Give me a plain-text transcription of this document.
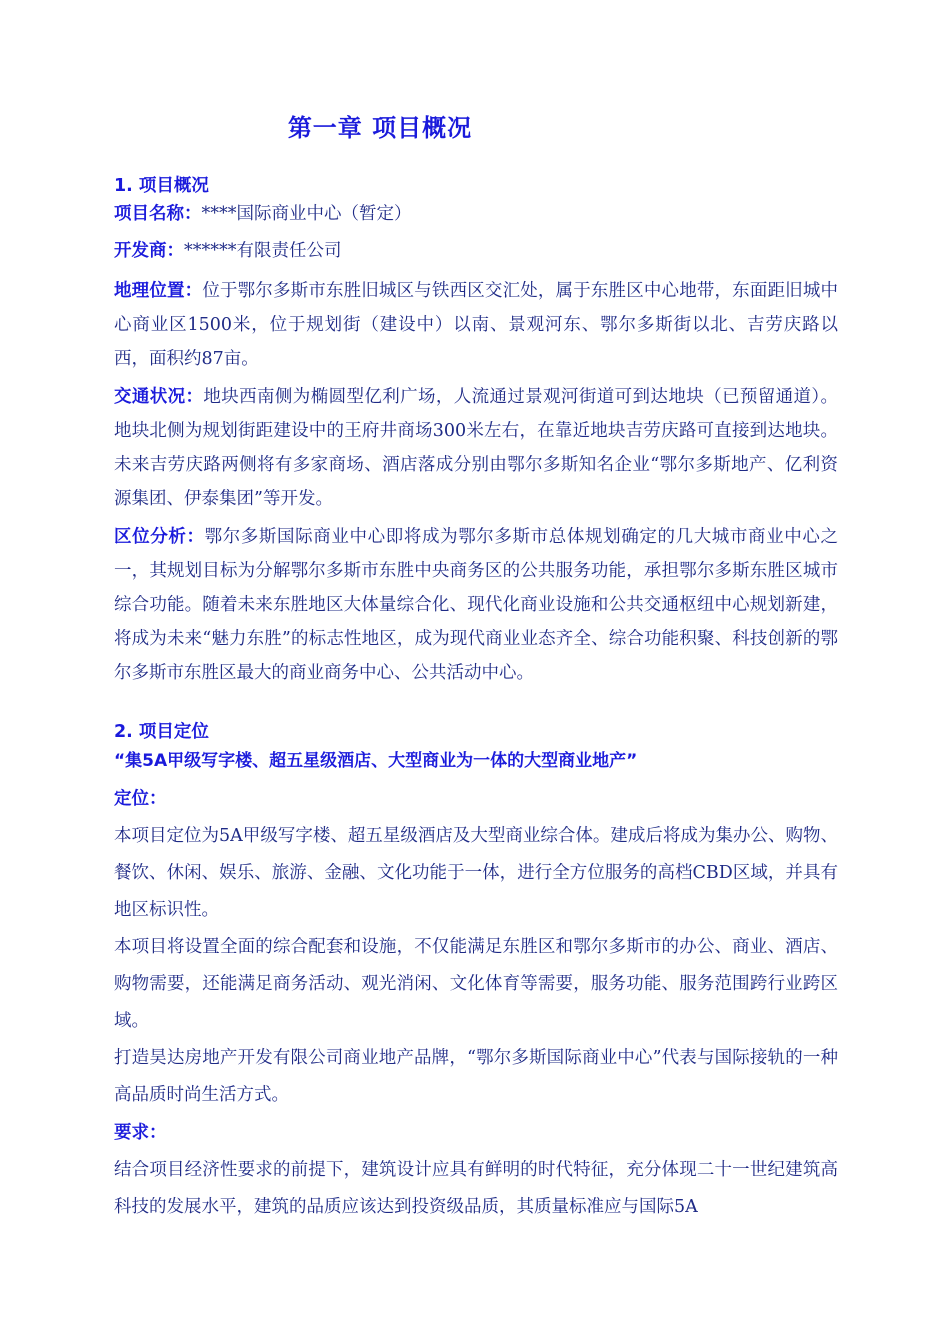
第一章 项目概况
1. 项目概况
项目名称：****国际商业中心（暂定）
开发商：******有限责任公司
地理位置：位于鄂尔多斯市东胜旧城区与铁西区交汇处，属于东胜区中心地带，东面距旧城中心商业区1500米，位于规划街（建设中）以南、景观河东、鄂尔多斯街以北、吉劳庆路以西，面积约87亩。
交通状况：地块西南侧为椭圆型亿利广场，人流通过景观河街道可到达地块（已预留通道）。地块北侧为规划街距建设中的王府井商场300米左右，在靠近地块吉劳庆路可直接到达地块。未来吉劳庆路两侧将有多家商场、酒店落成分别由鄂尔多斯知名企业“鄂尔多斯地产、亿利资源集团、伊泰集团”等开发。
区位分析：鄂尔多斯国际商业中心即将成为鄂尔多斯市总体规划确定的几大城市商业中心之一，其规划目标为分解鄂尔多斯市东胜中央商务区的公共服务功能，承担鄂尔多斯东胜区城市综合功能。随着未来东胜地区大体量综合化、现代化商业设施和公共交通枢纽中心规划新建，将成为未来“魅力东胜”的标志性地区，成为现代商业业态齐全、综合功能积聚、科技创新的鄂尔多斯市东胜区最大的商业商务中心、公共活动中心。
2. 项目定位
“集5A甲级写字楼、超五星级酒店、大型商业为一体的大型商业地产”
定位：
本项目定位为5A甲级写字楼、超五星级酒店及大型商业综合体。建成后将成为集办公、购物、餐饮、休闲、娱乐、旅游、金融、文化功能于一体，进行全方位服务的高档CBD区域，并具有地区标识性。
本项目将设置全面的综合配套和设施，不仅能满足东胜区和鄂尔多斯市的办公、商业、酒店、购物需要，还能满足商务活动、观光消闲、文化体育等需要，服务功能、服务范围跨行业跨区域。
打造昊达房地产开发有限公司商业地产品牌，“鄂尔多斯国际商业中心”代表与国际接轨的一种高品质时尚生活方式。
要求：
结合项目经济性要求的前提下，建筑设计应具有鲜明的时代特征，充分体现二十一世纪建筑高科技的发展水平，建筑的品质应该达到投资级品质，其质量标准应与国际5A
